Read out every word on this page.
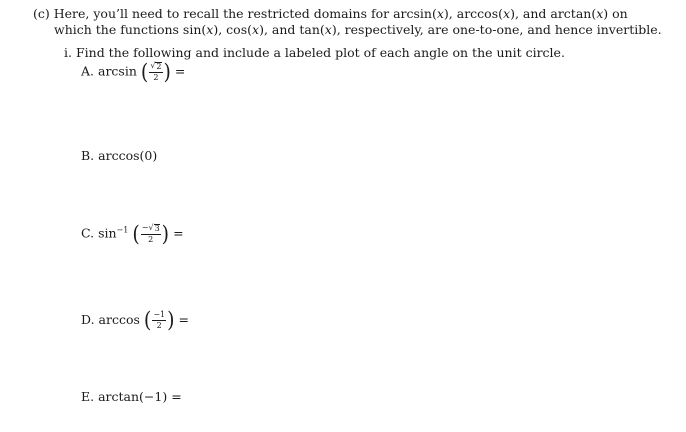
(c) Here, you’ll need to recall the restricted domains for arcsin(x), arccos(x), and arctan(x) on
which the functions sin(x), cos(x), and tan(x), respectively, are one-to-one, and hence invertible.
i. Find the following and include a labeled plot of each angle on the unit circle.
A. arcsin ( $\frac{√ 2}{2}$ ) =
B. arccos(0)
C. $\sin^{-1}$ ( $\frac{- √ 3}{2}$ ) =
D. arccos ( $\frac{-1}{2}$ ) =
E. arctan(−1) =
